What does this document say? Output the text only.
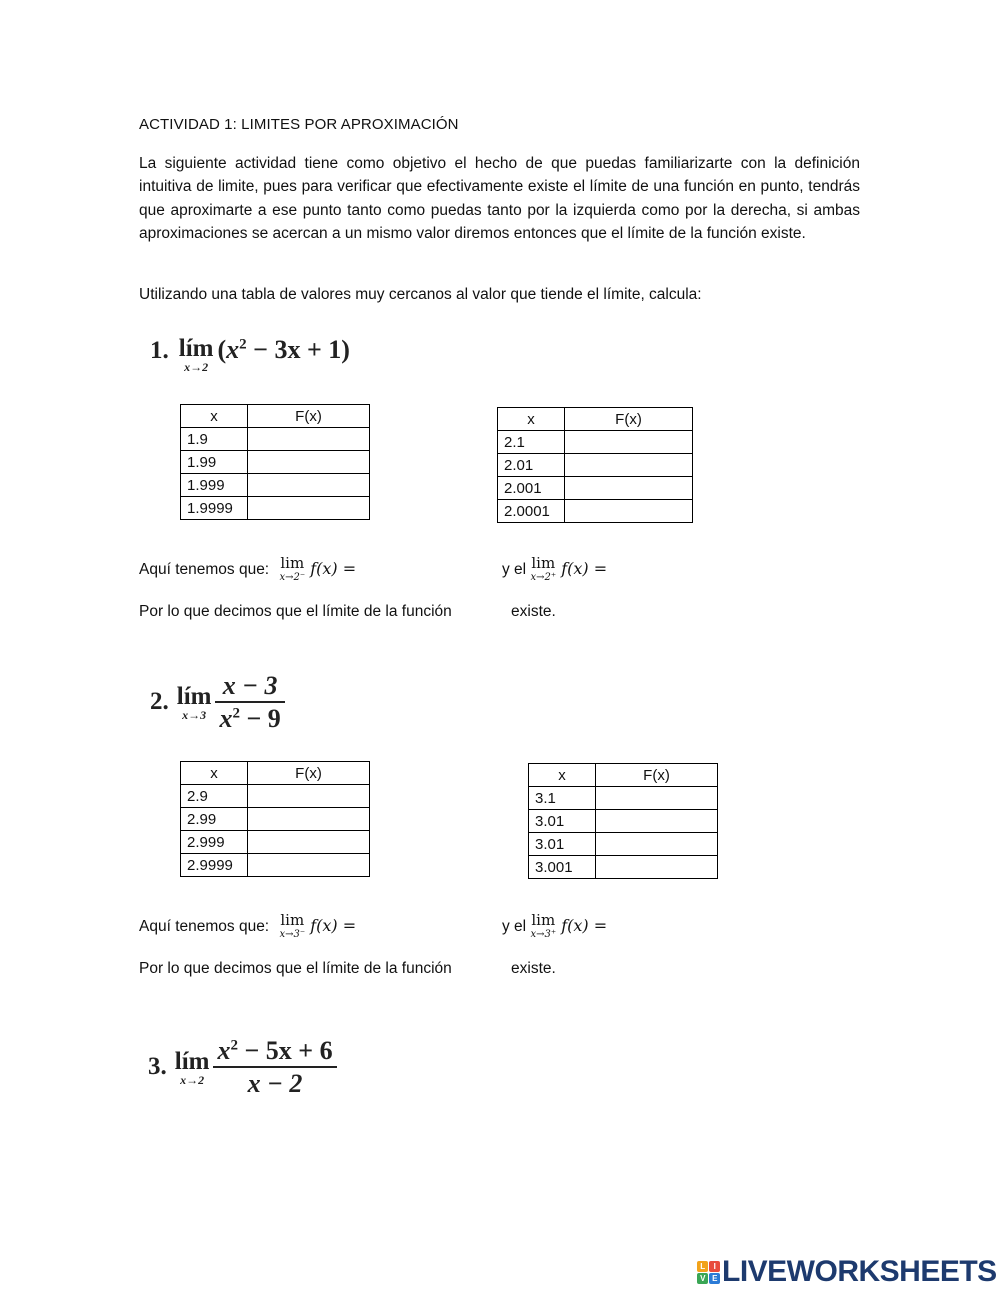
ACTIVIDAD 1: LIMITES POR APROXIMACIÓN
La siguiente actividad tiene como objetivo el hecho de que puedas familiarizarte con la definición intuitiva de limite, pues para verificar que efectivamente existe el límite de una función en punto, tendrás que aproximarte a ese punto tanto como puedas tanto por la izquierda como por la derecha, si ambas aproximaciones se acercan a un mismo valor diremos entonces que el límite de la función existe.
Utilizando una tabla de valores muy cercanos al valor que tiende el límite, calcula:
1. lím
x→2
$(x^2 - 3x + 1)$
x	F(x)
1.9	
1.99	
1.999	
1.9999	
x	F(x)
2.1	
2.01	
2.001	
2.0001	
Aquí tenemos que: lim
x→2⁻ f(x) =	y el lim
x→2⁺ f(x) =
Por lo que decimos que el límite de la función	existe.
2. lím
$x\to 3 \frac{x - 3}{x^2 - 9}$
x	F(x)
2.9	
2.99	
2.999	
2.9999	
x	F(x)
3.1	
3.01	
3.01	
3.001	
Aquí tenemos que: lim
x→3⁻ f(x) =	y el lim
x→3⁺ f(x) =
Por lo que decimos que el límite de la función	existe.
3. lím
$x\to 2 \frac{x^2 - 5x + 6}{x - 2}$
L	I
V E LIVEWORKSHEETS
